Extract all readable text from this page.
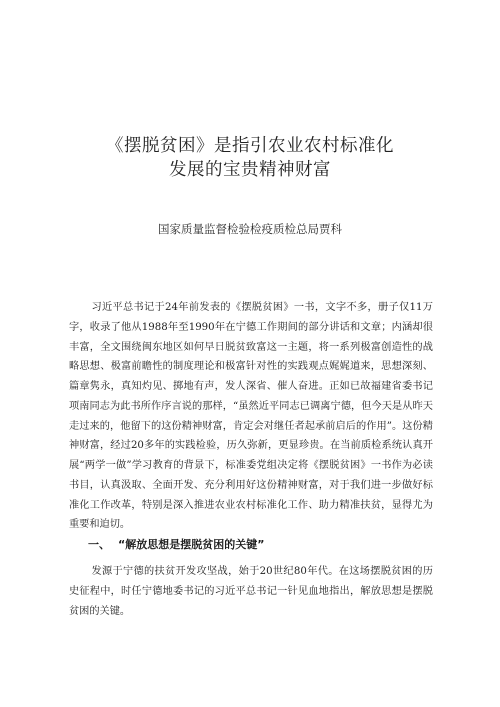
《摆脱贫困》是指引农业农村标准化
发展的宝贵精神财富
国家质量监督检验检疫质检总局贾科

习近平总书记于24年前发表的《摆脱贫困》一书，文字不多，册子仅11万字，收录了他从1988年至1990年在宁德工作期间的部分讲话和文章；内涵却很丰富，全文围绕闽东地区如何早日脱贫致富这一主题，将一系列极富创造性的战略思想、极富前瞻性的制度理论和极富针对性的实践观点娓娓道来，思想深刻、篇章隽永，真知灼见、掷地有声，发人深省、催人奋进。正如已故福建省委书记项南同志为此书所作序言说的那样，“虽然近平同志已调离宁德，但今天是从昨天走过来的，他留下的这份精神财富，肯定会对继任者起承前启后的作用”。这份精神财富，经过20多年的实践检验，历久弥新，更显珍贵。在当前质检系统认真开展“两学一做”学习教育的背景下，标准委党组决定将《摆脱贫困》一书作为必读书目，认真汲取、全面开发、充分利用好这份精神财富，对于我们进一步做好标准化工作改革，特别是深入推进农业农村标准化工作、助力精准扶贫，显得尤为重要和迫切。

一、 “解放思想是摆脱贫困的关键”

发源于宁德的扶贫开发攻坚战，始于20世纪80年代。在这场摆脱贫困的历史征程中，时任宁德地委书记的习近平总书记一针见血地指出，解放思想是摆脱贫困的关键。
